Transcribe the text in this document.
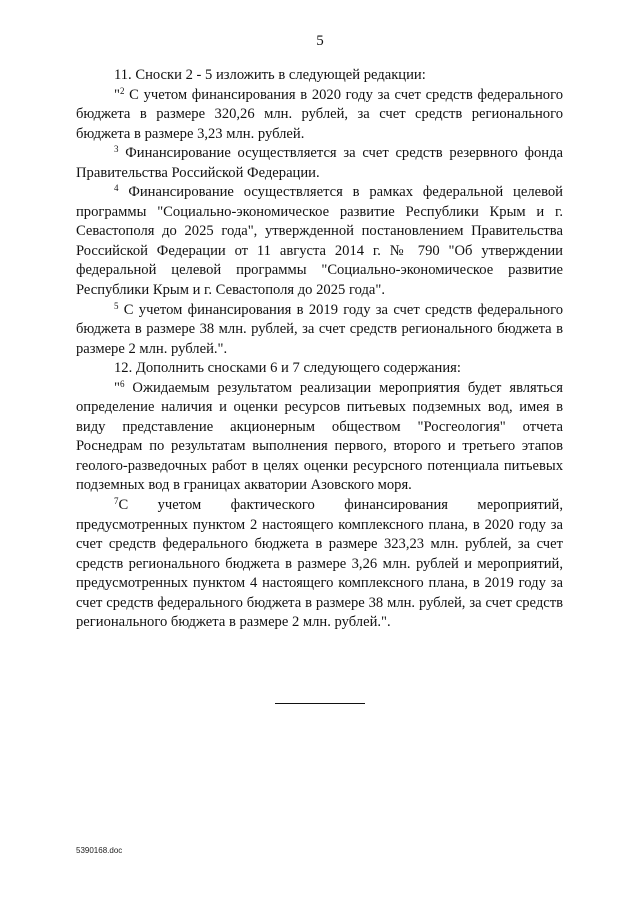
5

11. Сноски 2 - 5 изложить в следующей редакции:

"$^2$ С учетом финансирования в 2020 году за счет средств федерального бюджета в размере 320,26 млн. рублей, за счет средств регионального бюджета в размере 3,23 млн. рублей.

$^3$ Финансирование осуществляется за счет средств резервного фонда Правительства Российской Федерации.

$^4$ Финансирование осуществляется в рамках федеральной целевой программы "Социально-экономическое развитие Республики Крым и г. Севастополя до 2025 года", утвержденной постановлением Правительства Российской Федерации от 11 августа 2014 г. № 790 "Об утверждении федеральной целевой программы "Социально-экономическое развитие Республики Крым и г. Севастополя до 2025 года".

$^5$ С учетом финансирования в 2019 году за счет средств федерального бюджета в размере 38 млн. рублей, за счет средств регионального бюджета в размере 2 млн. рублей.".

12. Дополнить сносками 6 и 7 следующего содержания:

"$^6$ Ожидаемым результатом реализации мероприятия будет являться определение наличия и оценки ресурсов питьевых подземных вод, имея в виду представление акционерным обществом "Росгеология" отчета Роснедрам по результатам выполнения первого, второго и третьего этапов геолого-разведочных работ в целях оценки ресурсного потенциала питьевых подземных вод в границах акватории Азовского моря.

$^7$С учетом фактического финансирования мероприятий, предусмотренных пунктом 2 настоящего комплексного плана, в 2020 году за счет средств федерального бюджета в размере 323,23 млн. рублей, за счет средств регионального бюджета в размере 3,26 млн. рублей и мероприятий, предусмотренных пунктом 4 настоящего комплексного плана, в 2019 году за счет средств федерального бюджета в размере 38 млн. рублей, за счет средств регионального бюджета в размере 2 млн. рублей.".

5390168.doc
